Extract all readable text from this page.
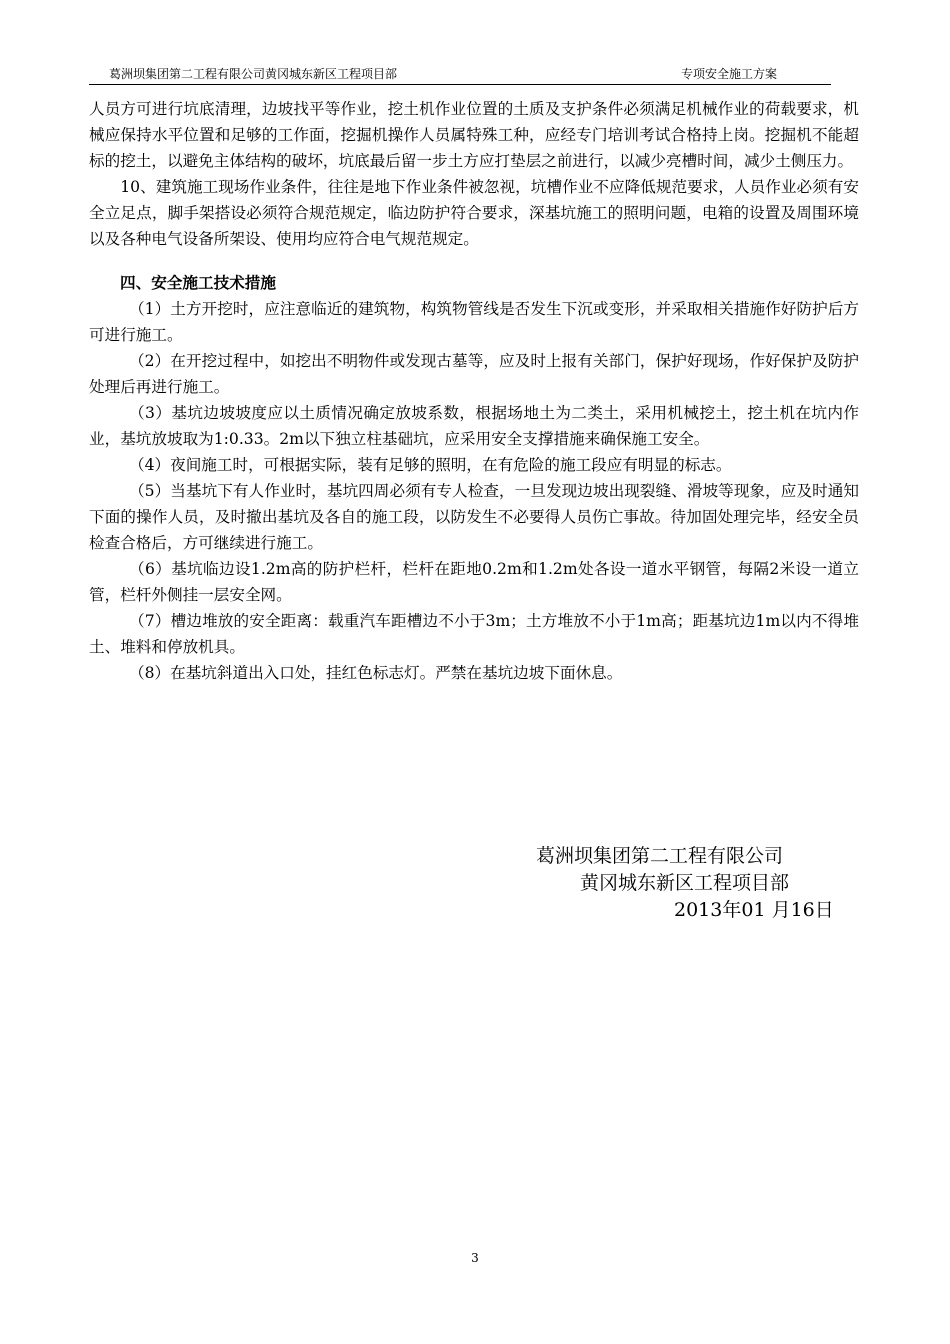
葛洲坝集团第二工程有限公司黄冈城东新区工程项目部	专项安全施工方案

人员方可进行坑底清理，边坡找平等作业，挖土机作业位置的土质及支护条件必须满足机械作业的荷载要求，机械应保持水平位置和足够的工作面，挖掘机操作人员属特殊工种，应经专门培训考试合格持上岗。挖掘机不能超标的挖土，以避免主体结构的破坏，坑底最后留一步土方应打垫层之前进行，以减少亮槽时间，减少土侧压力。

10、建筑施工现场作业条件，往往是地下作业条件被忽视，坑槽作业不应降低规范要求，人员作业必须有安全立足点，脚手架搭设必须符合规范规定，临边防护符合要求，深基坑施工的照明问题，电箱的设置及周围环境以及各种电气设备所架设、使用均应符合电气规范规定。

四、安全施工技术措施

（1）土方开挖时，应注意临近的建筑物，构筑物管线是否发生下沉或变形，并采取相关措施作好防护后方可进行施工。

（2）在开挖过程中，如挖出不明物件或发现古墓等，应及时上报有关部门，保护好现场，作好保护及防护处理后再进行施工。

（3）基坑边坡坡度应以土质情况确定放坡系数，根据场地土为二类土，采用机械挖土，挖土机在坑内作业，基坑放坡取为1:0.33。2m以下独立柱基础坑，应采用安全支撑措施来确保施工安全。

（4）夜间施工时，可根据实际，装有足够的照明，在有危险的施工段应有明显的标志。

（5）当基坑下有人作业时，基坑四周必须有专人检查，一旦发现边坡出现裂缝、滑坡等现象，应及时通知下面的操作人员，及时撤出基坑及各自的施工段，以防发生不必要得人员伤亡事故。待加固处理完毕，经安全员检查合格后，方可继续进行施工。

（6）基坑临边设1.2m高的防护栏杆，栏杆在距地0.2m和1.2m处各设一道水平钢管，每隔2米设一道立管，栏杆外侧挂一层安全网。

（7）槽边堆放的安全距离：载重汽车距槽边不小于3m；土方堆放不小于1m高；距基坑边1m以内不得堆土、堆料和停放机具。

（8）在基坑斜道出入口处，挂红色标志灯。严禁在基坑边坡下面休息。

葛洲坝集团第二工程有限公司
黄冈城东新区工程项目部
2013年01 月16日
3
